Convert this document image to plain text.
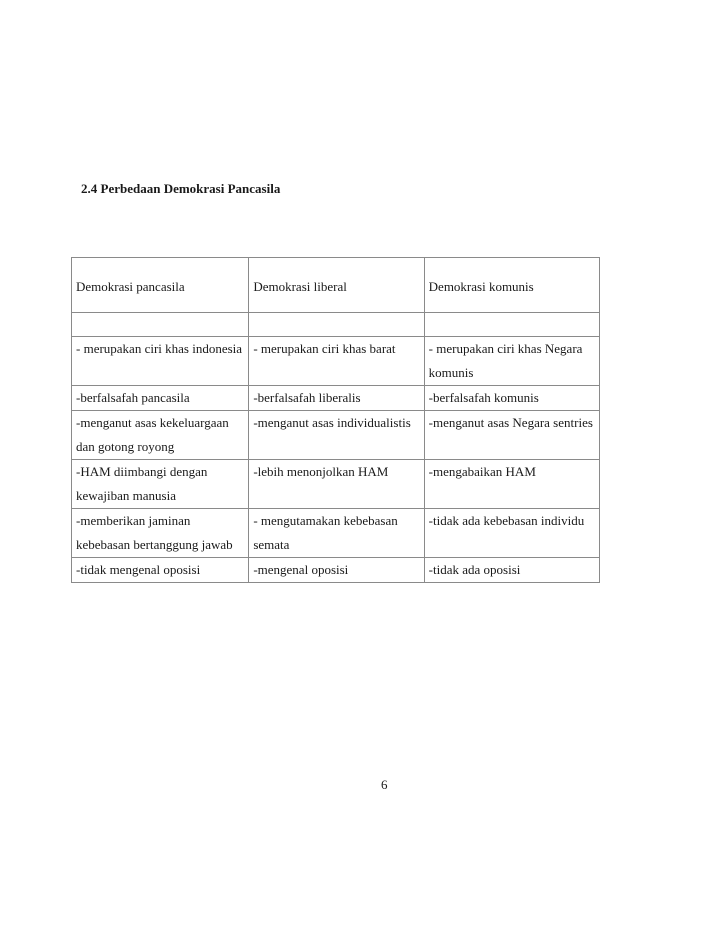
2.4 Perbedaan Demokrasi Pancasila
Demokrasi pancasila	Demokrasi liberal	Demokrasi komunis

- merupakan ciri khas indonesia	- merupakan ciri khas barat	- merupakan ciri khas Negara komunis
-berfalsafah pancasila	-berfalsafah liberalis	-berfalsafah komunis
-menganut asas kekeluargaan dan gotong royong	-menganut asas individualistis	-menganut asas Negara sentries
-HAM diimbangi dengan kewajiban manusia	-lebih menonjolkan HAM	-mengabaikan HAM
-memberikan jaminan kebebasan bertanggung jawab	- mengutamakan kebebasan semata	-tidak ada kebebasan individu
-tidak mengenal oposisi	-mengenal oposisi	-tidak ada oposisi
6
